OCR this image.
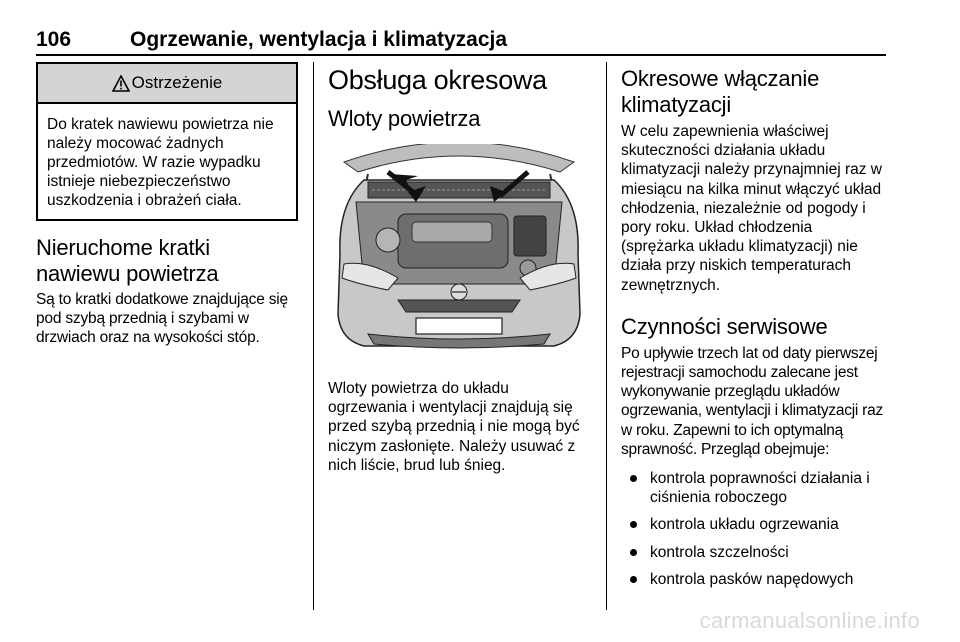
106	Ogrzewanie, wentylacja i klimatyzacja
Ostrzeżenie
Do kratek nawiewu powietrza nie należy mocować żadnych przedmiotów. W razie wypadku istnieje niebezpieczeństwo uszkodzenia i obrażeń ciała.
Nieruchome kratki nawiewu powietrza

Są to kratki dodatkowe znajdujące się pod szybą przednią i szybami w drzwiach oraz na wysokości stóp.

Obsługa okresowa
Wloty powietrza

Wloty powietrza do układu ogrzewania i wentylacji znajdują się przed szybą przednią i nie mogą być niczym zasłonięte. Należy usuwać z nich liście, brud lub śnieg.

Okresowe włączanie klimatyzacji

W celu zapewnienia właściwej skuteczności działania układu klimatyzacji należy przynajmniej raz w miesiącu na kilka minut włączyć układ chłodzenia, niezależnie od pogody i pory roku. Układ chłodzenia (sprężarka układu klimatyzacji) nie działa przy niskich temperaturach zewnętrznych.

Czynności serwisowe

Po upływie trzech lat od daty pierwszej rejestracji samochodu zalecane jest wykonywanie przeglądu układów ogrzewania, wentylacji i klimatyzacji raz w roku. Zapewni to ich optymalną sprawność. Przegląd obejmuje:

kontrola poprawności działania i ciśnienia roboczego
kontrola układu ogrzewania
kontrola szczelności
kontrola pasków napędowych
carmanualsonline.info
